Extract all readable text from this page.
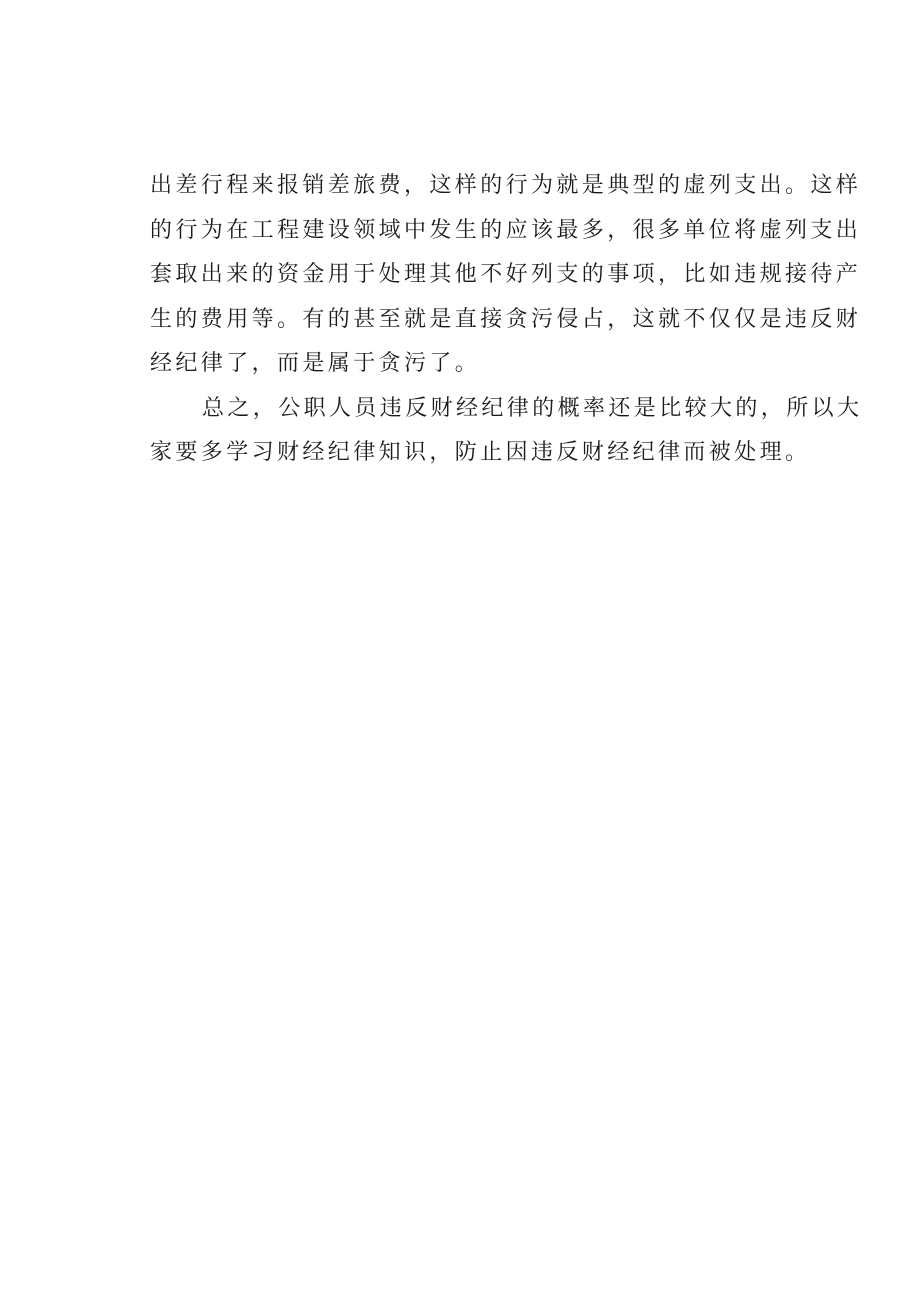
出差行程来报销差旅费，这样的行为就是典型的虚列支出。这样
的行为在工程建设领域中发生的应该最多，很多单位将虚列支出
套取出来的资金用于处理其他不好列支的事项，比如违规接待产
生的费用等。有的甚至就是直接贪污侵占，这就不仅仅是违反财
经纪律了，而是属于贪污了。
总之，公职人员违反财经纪律的概率还是比较大的，所以大
家要多学习财经纪律知识，防止因违反财经纪律而被处理。
